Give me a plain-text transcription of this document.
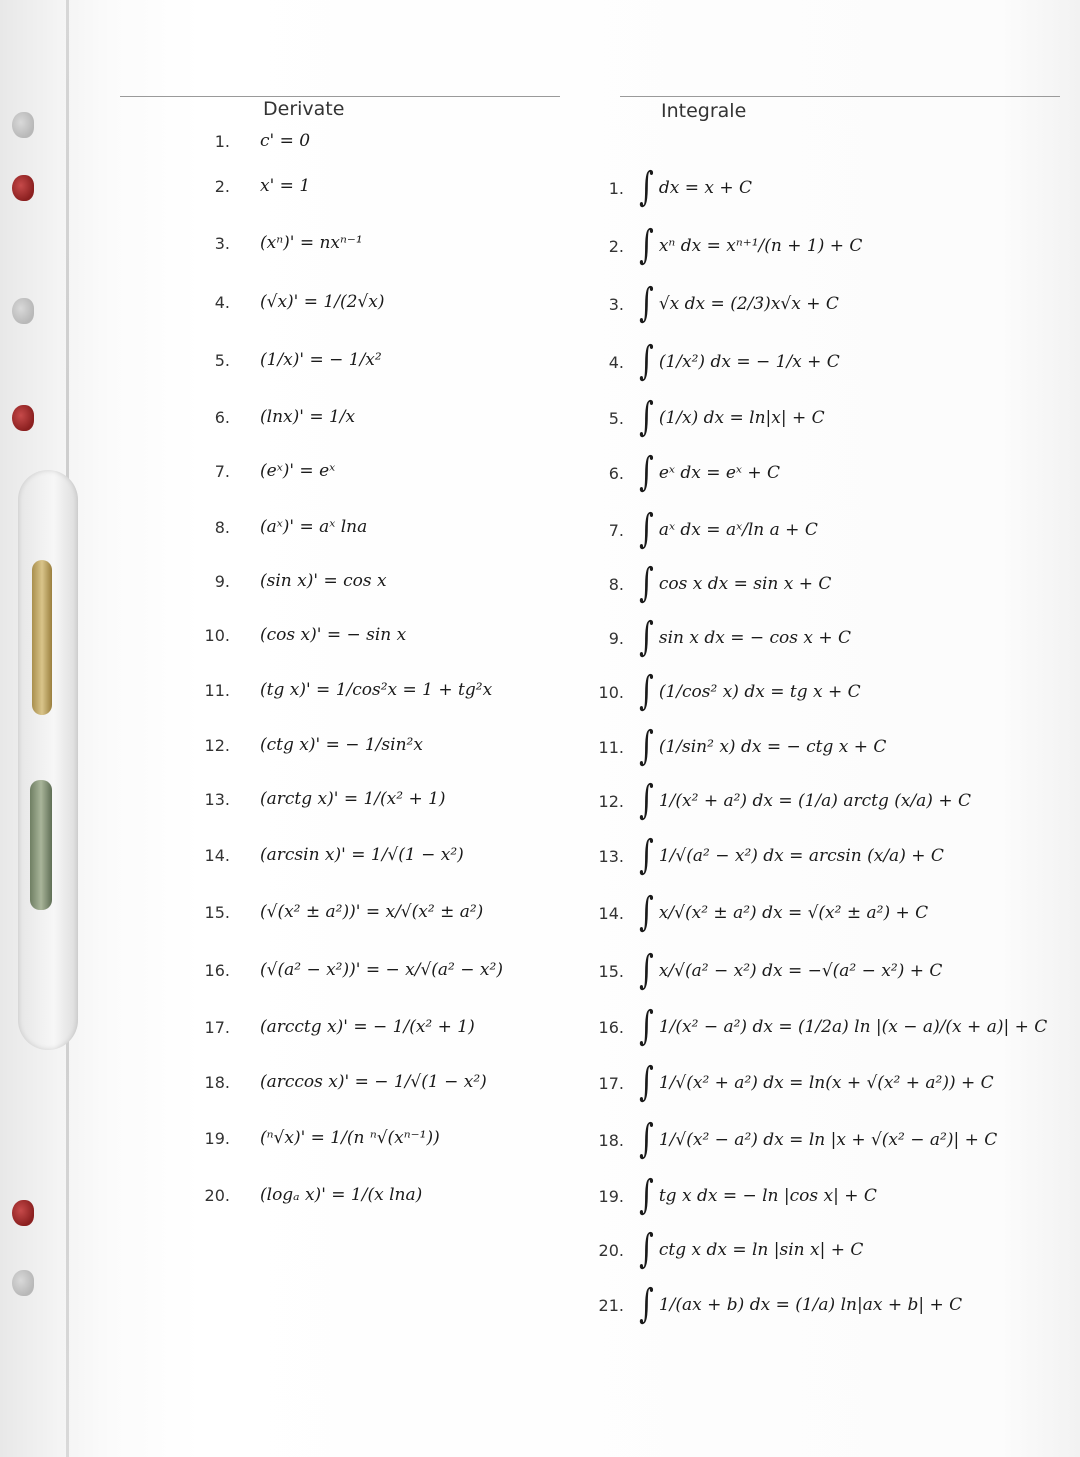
Derivate	Integrale
1. c' = 0
2. x' = 1
3. (xⁿ)' = nxⁿ⁻¹
4. (√x)' = 1/(2√x)
5. (1/x)' = − 1/x²
6. (lnx)' = 1/x
7. (eˣ)' = eˣ
8. (aˣ)' = aˣ lna
9. (sin x)' = cos x
10. (cos x)' = − sin x
11. (tg x)' = 1/cos²x = 1 + tg²x
12. (ctg x)' = − 1/sin²x
13. (arctg x)' = 1/(x² + 1)
14. (arcsin x)' = 1/√(1 − x²)
15. (√(x² ± a²))' = x/√(x² ± a²)
16. (√(a² − x²))' = − x/√(a² − x²)
17. (arcctg x)' = − 1/(x² + 1)
18. (arccos x)' = − 1/√(1 − x²)
19. (ⁿ√x)' = 1/(n ⁿ√(xⁿ⁻¹))
20. (logₐ x)' = 1/(x lna)
1. ∫ dx = x + C
2. ∫ xⁿ dx = xⁿ⁺¹/(n + 1) + C
3. ∫ √x dx = (2/3)x√x + C
4. ∫ (1/x²) dx = − 1/x + C
5. ∫ (1/x) dx = ln|x| + C
6. ∫ eˣ dx = eˣ + C
7. ∫ aˣ dx = aˣ/ln a + C
8. ∫ cos x dx = sin x + C
9. ∫ sin x dx = − cos x + C
10. ∫ (1/cos² x) dx = tg x + C
11. ∫ (1/sin² x) dx = − ctg x + C
12. ∫ 1/(x² + a²) dx = (1/a) arctg (x/a) + C
13. ∫ 1/√(a² − x²) dx = arcsin (x/a) + C
14. ∫ x/√(x² ± a²) dx = √(x² ± a²) + C
15. ∫ x/√(a² − x²) dx = −√(a² − x²) + C
16. ∫ 1/(x² − a²) dx = (1/2a) ln |(x − a)/(x + a)| + C
17. ∫ 1/√(x² + a²) dx = ln(x + √(x² + a²)) + C
18. ∫ 1/√(x² − a²) dx = ln |x + √(x² − a²)| + C
19. ∫ tg x dx = − ln |cos x| + C
20. ∫ ctg x dx = ln |sin x| + C
21. ∫ 1/(ax + b) dx = (1/a) ln|ax + b| + C
